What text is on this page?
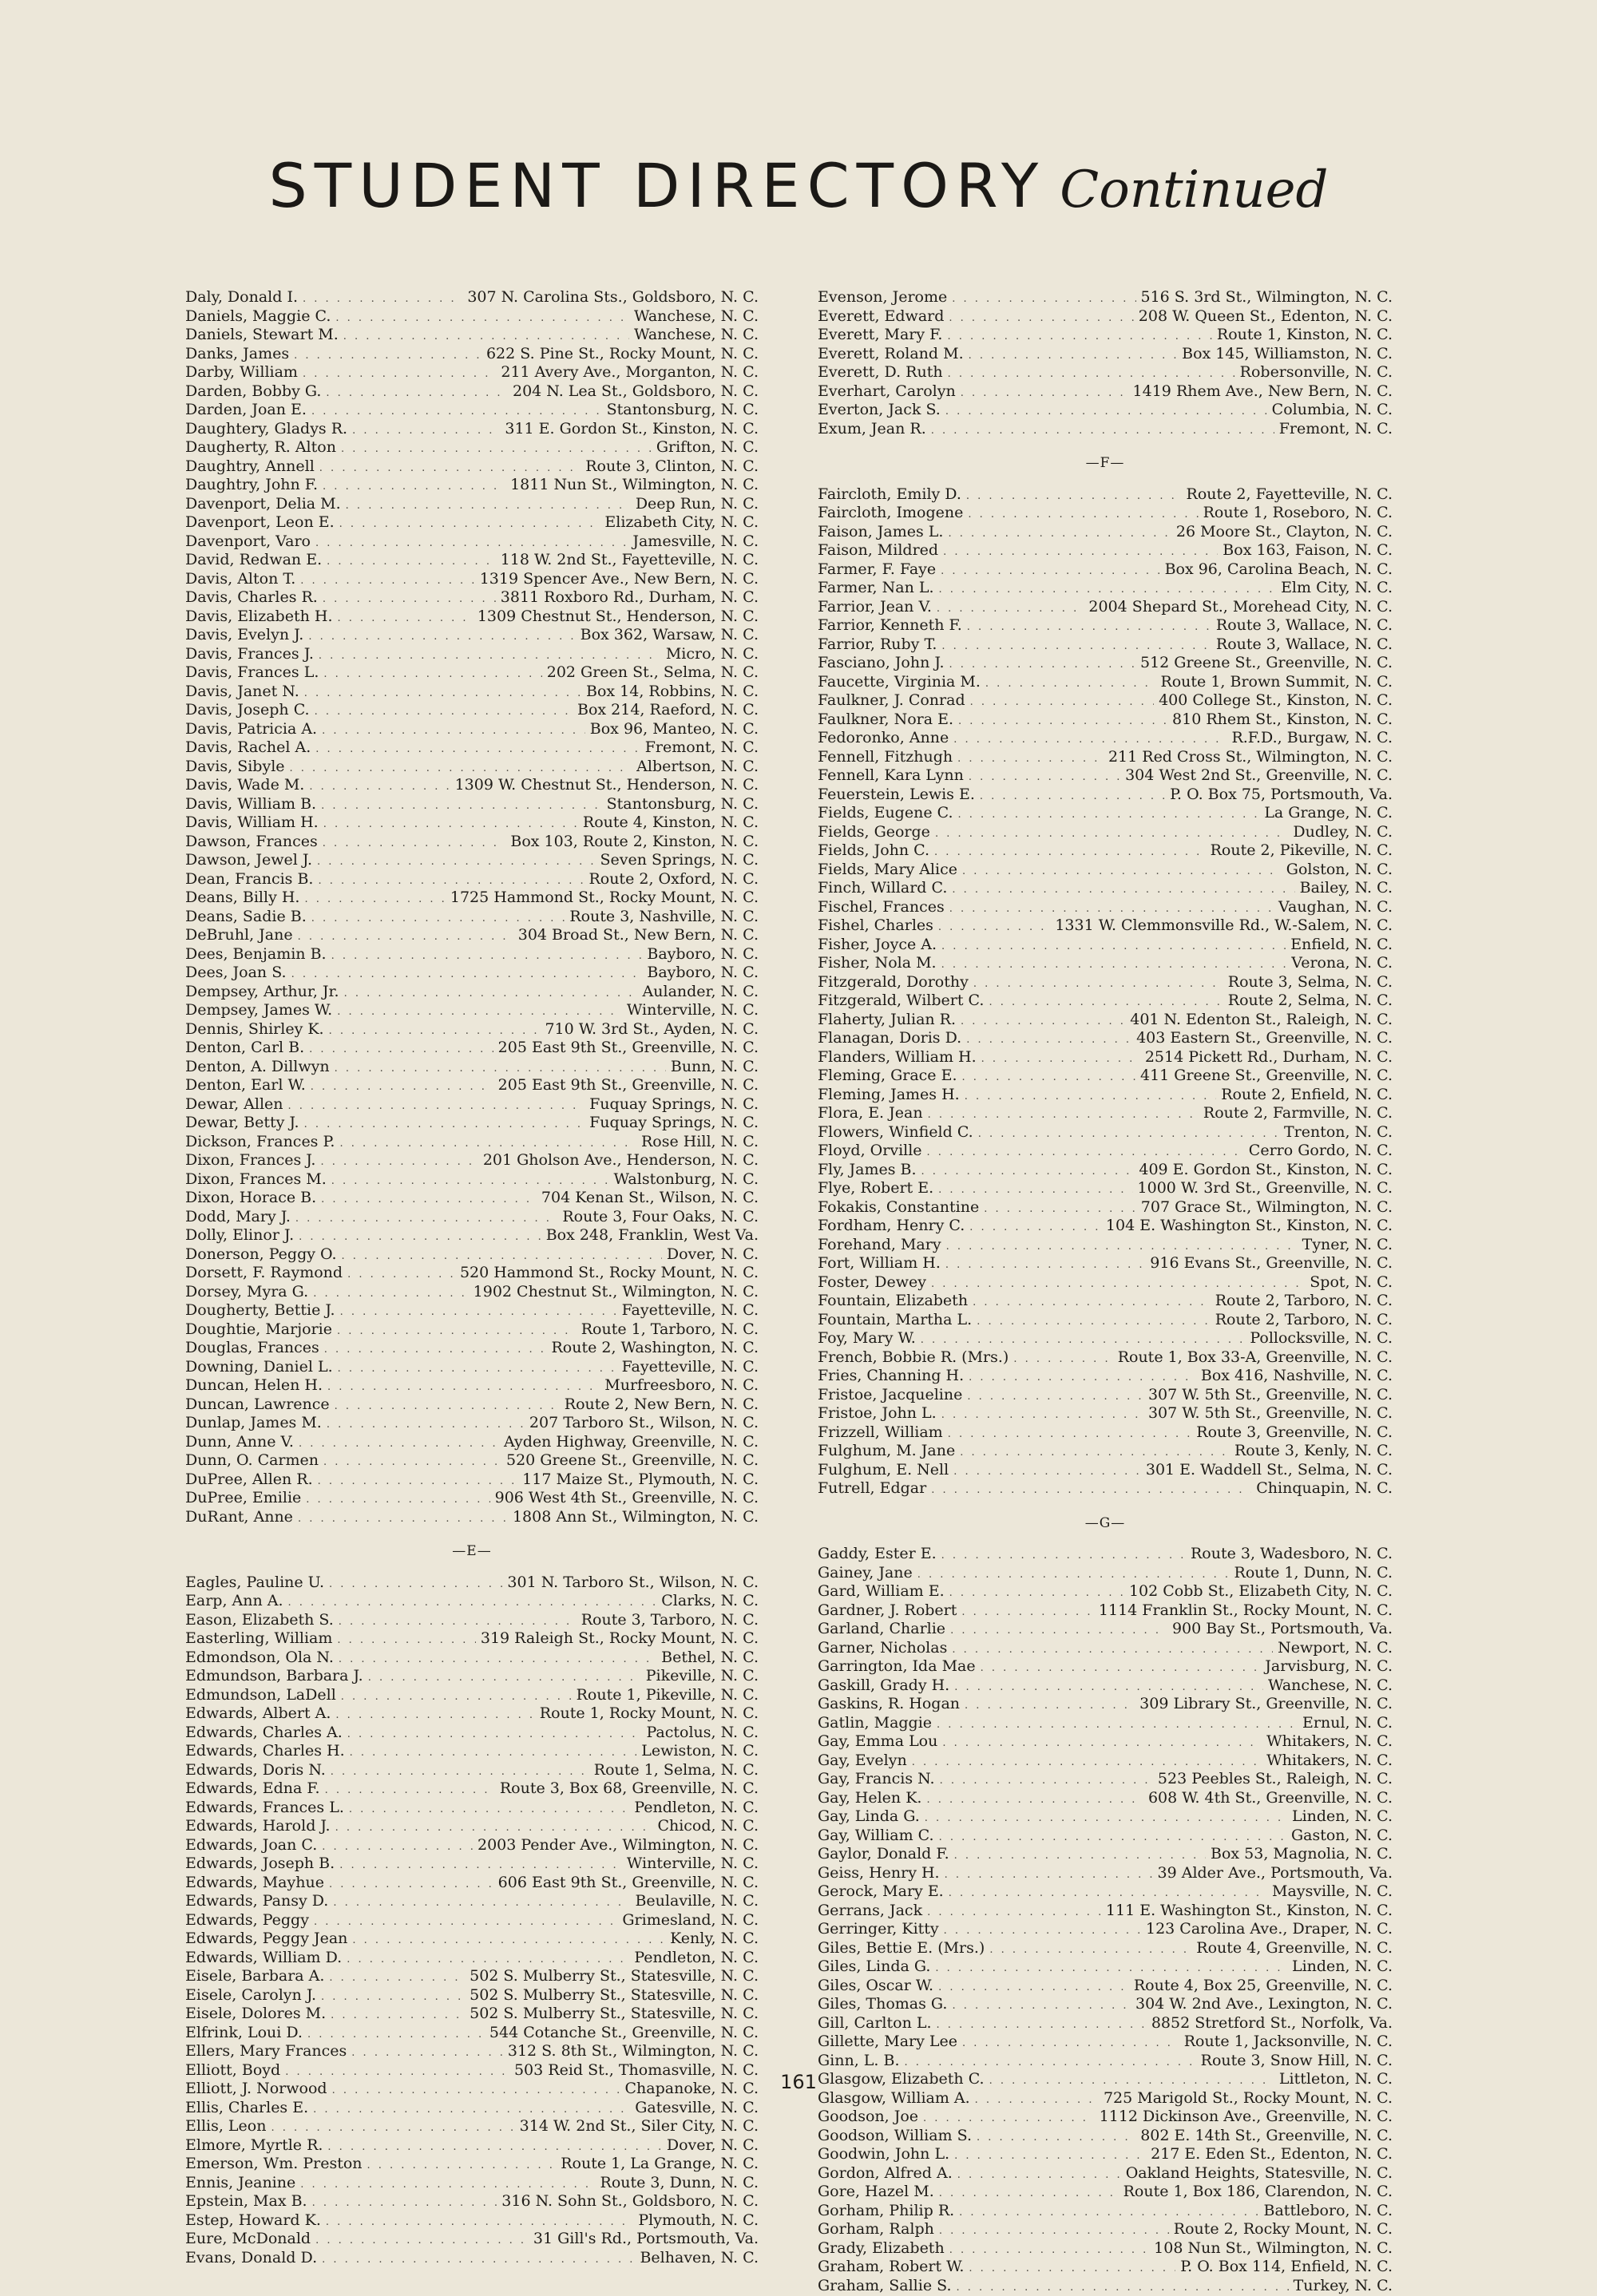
STUDENT DIRECTORY Continued
Daly, Donald I. . . .	307 N. Carolina Sts., Goldsboro, N. C.
Daniels, Maggie C. . . .	Wanchese, N. C.
Daniels, Stewart M. . . .	Wanchese, N. C.
Danks, James . . .	622 S. Pine St., Rocky Mount, N. C.
Darby, William . . .	211 Avery Ave., Morganton, N. C.
Darden, Bobby G. . . .	204 N. Lea St., Goldsboro, N. C.
Darden, Joan E. . . .	Stantonsburg, N. C.
Daughtery, Gladys R. . . .	311 E. Gordon St., Kinston, N. C.
Daugherty, R. Alton . . .	Grifton, N. C.
Daughtry, Annell . . .	Route 3, Clinton, N. C.
Daughtry, John F. . . .	1811 Nun St., Wilmington, N. C.
Davenport, Delia M. . . .	Deep Run, N. C.
Davenport, Leon E. . . .	Elizabeth City, N. C.
Davenport, Varo . . .	Jamesville, N. C.
David, Redwan E. . . .	118 W. 2nd St., Fayetteville, N. C.
Davis, Alton T. . . .	1319 Spencer Ave., New Bern, N. C.
Davis, Charles R. . . .	3811 Roxboro Rd., Durham, N. C.
Davis, Elizabeth H. . . .	1309 Chestnut St., Henderson, N. C.
Davis, Evelyn J. . . .	Box 362, Warsaw, N. C.
Davis, Frances J. . . .	Micro, N. C.
Davis, Frances L. . . .	202 Green St., Selma, N. C.
Davis, Janet N. . . .	Box 14, Robbins, N. C.
Davis, Joseph C. . . .	Box 214, Raeford, N. C.
Davis, Patricia A. . . .	Box 96, Manteo, N. C.
Davis, Rachel A. . . .	Fremont, N. C.
Davis, Sibyle . . .	Albertson, N. C.
Davis, Wade M. . . .	1309 W. Chestnut St., Henderson, N. C.
Davis, William B. . . .	Stantonsburg, N. C.
Davis, William H. . . .	Route 4, Kinston, N. C.
Dawson, Frances . . .	Box 103, Route 2, Kinston, N. C.
Dawson, Jewel J. . . .	Seven Springs, N. C.
Dean, Francis B. . . .	Route 2, Oxford, N. C.
Deans, Billy H. . . .	1725 Hammond St., Rocky Mount, N. C.
Deans, Sadie B. . . .	Route 3, Nashville, N. C.
DeBruhl, Jane . . .	304 Broad St., New Bern, N. C.
Dees, Benjamin B. . . .	Bayboro, N. C.
Dees, Joan S. . . .	Bayboro, N. C.
Dempsey, Arthur, Jr. . . .	Aulander, N. C.
Dempsey, James W. . . .	Winterville, N. C.
Dennis, Shirley K. . . .	710 W. 3rd St., Ayden, N. C.
Denton, Carl B. . . .	205 East 9th St., Greenville, N. C.
Denton, A. Dillwyn . . .	Bunn, N. C.
Denton, Earl W. . . .	205 East 9th St., Greenville, N. C.
Dewar, Allen . . .	Fuquay Springs, N. C.
Dewar, Betty J. . . .	Fuquay Springs, N. C.
Dickson, Frances P. . . .	Rose Hill, N. C.
Dixon, Frances J. . . .	201 Gholson Ave., Henderson, N. C.
Dixon, Frances M. . . .	Walstonburg, N. C.
Dixon, Horace B. . . .	704 Kenan St., Wilson, N. C.
Dodd, Mary J. . . .	Route 3, Four Oaks, N. C.
Dolly, Elinor J. . . .	Box 248, Franklin, West Va.
Donerson, Peggy O. . . .	Dover, N. C.
Dorsett, F. Raymond . . .	520 Hammond St., Rocky Mount, N. C.
Dorsey, Myra G. . . .	1902 Chestnut St., Wilmington, N. C.
Dougherty, Bettie J. . . .	Fayetteville, N. C.
Doughtie, Marjorie . . .	Route 1, Tarboro, N. C.
Douglas, Frances . . .	Route 2, Washington, N. C.
Downing, Daniel L. . . .	Fayetteville, N. C.
Duncan, Helen H. . . .	Murfreesboro, N. C.
Duncan, Lawrence . . .	Route 2, New Bern, N. C.
Dunlap, James M. . . .	207 Tarboro St., Wilson, N. C.
Dunn, Anne V. . . .	Ayden Highway, Greenville, N. C.
Dunn, O. Carmen . . .	520 Greene St., Greenville, N. C.
DuPree, Allen R. . . .	117 Maize St., Plymouth, N. C.
DuPree, Emilie . . .	906 West 4th St., Greenville, N. C.
DuRant, Anne . . .	1808 Ann St., Wilmington, N. C.
—E—
Eagles, Pauline U. . . .	301 N. Tarboro St., Wilson, N. C.
Earp, Ann A. . . .	Clarks, N. C.
Eason, Elizabeth S. . . .	Route 3, Tarboro, N. C.
Easterling, William . . .	319 Raleigh St., Rocky Mount, N. C.
Edmondson, Ola N. . . .	Bethel, N. C.
Edmundson, Barbara J. . . .	Pikeville, N. C.
Edmundson, LaDell . . .	Route 1, Pikeville, N. C.
Edwards, Albert A. . . .	Route 1, Rocky Mount, N. C.
Edwards, Charles A. . . .	Pactolus, N. C.
Edwards, Charles H. . . .	Lewiston, N. C.
Edwards, Doris N. . . .	Route 1, Selma, N. C.
Edwards, Edna F. . . .	Route 3, Box 68, Greenville, N. C.
Edwards, Frances L. . . .	Pendleton, N. C.
Edwards, Harold J. . . .	Chicod, N. C.
Edwards, Joan C. . . .	2003 Pender Ave., Wilmington, N. C.
Edwards, Joseph B. . . .	Winterville, N. C.
Edwards, Mayhue . . .	606 East 9th St., Greenville, N. C.
Edwards, Pansy D. . . .	Beulaville, N. C.
Edwards, Peggy . . .	Grimesland, N. C.
Edwards, Peggy Jean . . .	Kenly, N. C.
Edwards, William D. . . .	Pendleton, N. C.
Eisele, Barbara A. . . .	502 S. Mulberry St., Statesville, N. C.
Eisele, Carolyn J. . . .	502 S. Mulberry St., Statesville, N. C.
Eisele, Dolores M. . . .	502 S. Mulberry St., Statesville, N. C.
Elfrink, Loui D. . . .	544 Cotanche St., Greenville, N. C.
Ellers, Mary Frances . . .	312 S. 8th St., Wilmington, N. C.
Elliott, Boyd . . .	503 Reid St., Thomasville, N. C.
Elliott, J. Norwood . . .	Chapanoke, N. C.
Ellis, Charles E. . . .	Gatesville, N. C.
Ellis, Leon . . .	314 W. 2nd St., Siler City, N. C.
Elmore, Myrtle R. . . .	Dover, N. C.
Emerson, Wm. Preston . . .	Route 1, La Grange, N. C.
Ennis, Jeanine . . .	Route 3, Dunn, N. C.
Epstein, Max B. . . .	316 N. Sohn St., Goldsboro, N. C.
Estep, Howard K. . . .	Plymouth, N. C.
Eure, McDonald . . .	31 Gill's Rd., Portsmouth, Va.
Evans, Donald D. . . .	Belhaven, N. C.
Evenson, Jerome . . .	516 S. 3rd St., Wilmington, N. C.
Everett, Edward . . .	208 W. Queen St., Edenton, N. C.
Everett, Mary F. . . .	Route 1, Kinston, N. C.
Everett, Roland M. . . .	Box 145, Williamston, N. C.
Everett, D. Ruth . . .	Robersonville, N. C.
Everhart, Carolyn . . .	1419 Rhem Ave., New Bern, N. C.
Everton, Jack S. . . .	Columbia, N. C.
Exum, Jean R. . . .	Fremont, N. C.
—F—
Faircloth, Emily D. . . .	Route 2, Fayetteville, N. C.
Faircloth, Imogene . . .	Route 1, Roseboro, N. C.
Faison, James L. . . .	26 Moore St., Clayton, N. C.
Faison, Mildred . . .	Box 163, Faison, N. C.
Farmer, F. Faye . . .	Box 96, Carolina Beach, N. C.
Farmer, Nan L. . . .	Elm City, N. C.
Farrior, Jean V. . . .	2004 Shepard St., Morehead City, N. C.
Farrior, Kenneth F. . . .	Route 3, Wallace, N. C.
Farrior, Ruby T. . . .	Route 3, Wallace, N. C.
Fasciano, John J. . . .	512 Greene St., Greenville, N. C.
Faucette, Virginia M. . . .	Route 1, Brown Summit, N. C.
Faulkner, J. Conrad . . .	400 College St., Kinston, N. C.
Faulkner, Nora E. . . .	810 Rhem St., Kinston, N. C.
Fedoronko, Anne . . .	R.F.D., Burgaw, N. C.
Fennell, Fitzhugh . . .	211 Red Cross St., Wilmington, N. C.
Fennell, Kara Lynn . . .	304 West 2nd St., Greenville, N. C.
Feuerstein, Lewis E. . . .	P. O. Box 75, Portsmouth, Va.
Fields, Eugene C. . . .	La Grange, N. C.
Fields, George . . .	Dudley, N. C.
Fields, John C. . . .	Route 2, Pikeville, N. C.
Fields, Mary Alice . . .	Golston, N. C.
Finch, Willard C. . . .	Bailey, N. C.
Fischel, Frances . . .	Vaughan, N. C.
Fishel, Charles . . .	1331 W. Clemmonsville Rd., W.-Salem, N. C.
Fisher, Joyce A. . . .	Enfield, N. C.
Fisher, Nola M. . . .	Verona, N. C.
Fitzgerald, Dorothy . . .	Route 3, Selma, N. C.
Fitzgerald, Wilbert C. . . .	Route 2, Selma, N. C.
Flaherty, Julian R. . . .	401 N. Edenton St., Raleigh, N. C.
Flanagan, Doris D. . . .	403 Eastern St., Greenville, N. C.
Flanders, William H. . . .	2514 Pickett Rd., Durham, N. C.
Fleming, Grace E. . . .	411 Greene St., Greenville, N. C.
Fleming, James H. . . .	Route 2, Enfield, N. C.
Flora, E. Jean . . .	Route 2, Farmville, N. C.
Flowers, Winfield C. . . .	Trenton, N. C.
Floyd, Orville . . .	Cerro Gordo, N. C.
Fly, James B. . . .	409 E. Gordon St., Kinston, N. C.
Flye, Robert E. . . .	1000 W. 3rd St., Greenville, N. C.
Fokakis, Constantine . . .	707 Grace St., Wilmington, N. C.
Fordham, Henry C. . . .	104 E. Washington St., Kinston, N. C.
Forehand, Mary . . .	Tyner, N. C.
Fort, William H. . . .	916 Evans St., Greenville, N. C.
Foster, Dewey . . .	Spot, N. C.
Fountain, Elizabeth . . .	Route 2, Tarboro, N. C.
Fountain, Martha L. . . .	Route 2, Tarboro, N. C.
Foy, Mary W. . . .	Pollocksville, N. C.
French, Bobbie R. (Mrs.) . . .	Route 1, Box 33-A, Greenville, N. C.
Fries, Channing H. . . .	Box 416, Nashville, N. C.
Fristoe, Jacqueline . . .	307 W. 5th St., Greenville, N. C.
Fristoe, John L. . . .	307 W. 5th St., Greenville, N. C.
Frizzell, William . . .	Route 3, Greenville, N. C.
Fulghum, M. Jane . . .	Route 3, Kenly, N. C.
Fulghum, E. Nell . . .	301 E. Waddell St., Selma, N. C.
Futrell, Edgar . . .	Chinquapin, N. C.
—G—
Gaddy, Ester E. . . .	Route 3, Wadesboro, N. C.
Gainey, Jane . . .	Route 1, Dunn, N. C.
Gard, William E. . . .	102 Cobb St., Elizabeth City, N. C.
Gardner, J. Robert . . .	1114 Franklin St., Rocky Mount, N. C.
Garland, Charlie . . .	900 Bay St., Portsmouth, Va.
Garner, Nicholas . . .	Newport, N. C.
Garrington, Ida Mae . . .	Jarvisburg, N. C.
Gaskill, Grady H. . . .	Wanchese, N. C.
Gaskins, R. Hogan . . .	309 Library St., Greenville, N. C.
Gatlin, Maggie . . .	Ernul, N. C.
Gay, Emma Lou . . .	Whitakers, N. C.
Gay, Evelyn . . .	Whitakers, N. C.
Gay, Francis N. . . .	523 Peebles St., Raleigh, N. C.
Gay, Helen K. . . .	608 W. 4th St., Greenville, N. C.
Gay, Linda G. . . .	Linden, N. C.
Gay, William C. . . .	Gaston, N. C.
Gaylor, Donald F. . . .	Box 53, Magnolia, N. C.
Geiss, Henry H. . . .	39 Alder Ave., Portsmouth, Va.
Gerock, Mary E. . . .	Maysville, N. C.
Gerrans, Jack . . .	111 E. Washington St., Kinston, N. C.
Gerringer, Kitty . . .	123 Carolina Ave., Draper, N. C.
Giles, Bettie E. (Mrs.) . . .	Route 4, Greenville, N. C.
Giles, Linda G. . . .	Linden, N. C.
Giles, Oscar W. . . .	Route 4, Box 25, Greenville, N. C.
Giles, Thomas G. . . .	304 W. 2nd Ave., Lexington, N. C.
Gill, Carlton L. . . .	8852 Stretford St., Norfolk, Va.
Gillette, Mary Lee . . .	Route 1, Jacksonville, N. C.
Ginn, L. B. . . .	Route 3, Snow Hill, N. C.
Glasgow, Elizabeth C. . . .	Littleton, N. C.
Glasgow, William A. . . .	725 Marigold St., Rocky Mount, N. C.
Goodson, Joe . . .	1112 Dickinson Ave., Greenville, N. C.
Goodson, William S. . . .	802 E. 14th St., Greenville, N. C.
Goodwin, John L. . . .	217 E. Eden St., Edenton, N. C.
Gordon, Alfred A. . . .	Oakland Heights, Statesville, N. C.
Gore, Hazel M. . . .	Route 1, Box 186, Clarendon, N. C.
Gorham, Philip R. . . .	Battleboro, N. C.
Gorham, Ralph . . .	Route 2, Rocky Mount, N. C.
Grady, Elizabeth . . .	108 Nun St., Wilmington, N. C.
Graham, Robert W. . . .	P. O. Box 114, Enfield, N. C.
Graham, Sallie S. . . .	Turkey, N. C.
161
